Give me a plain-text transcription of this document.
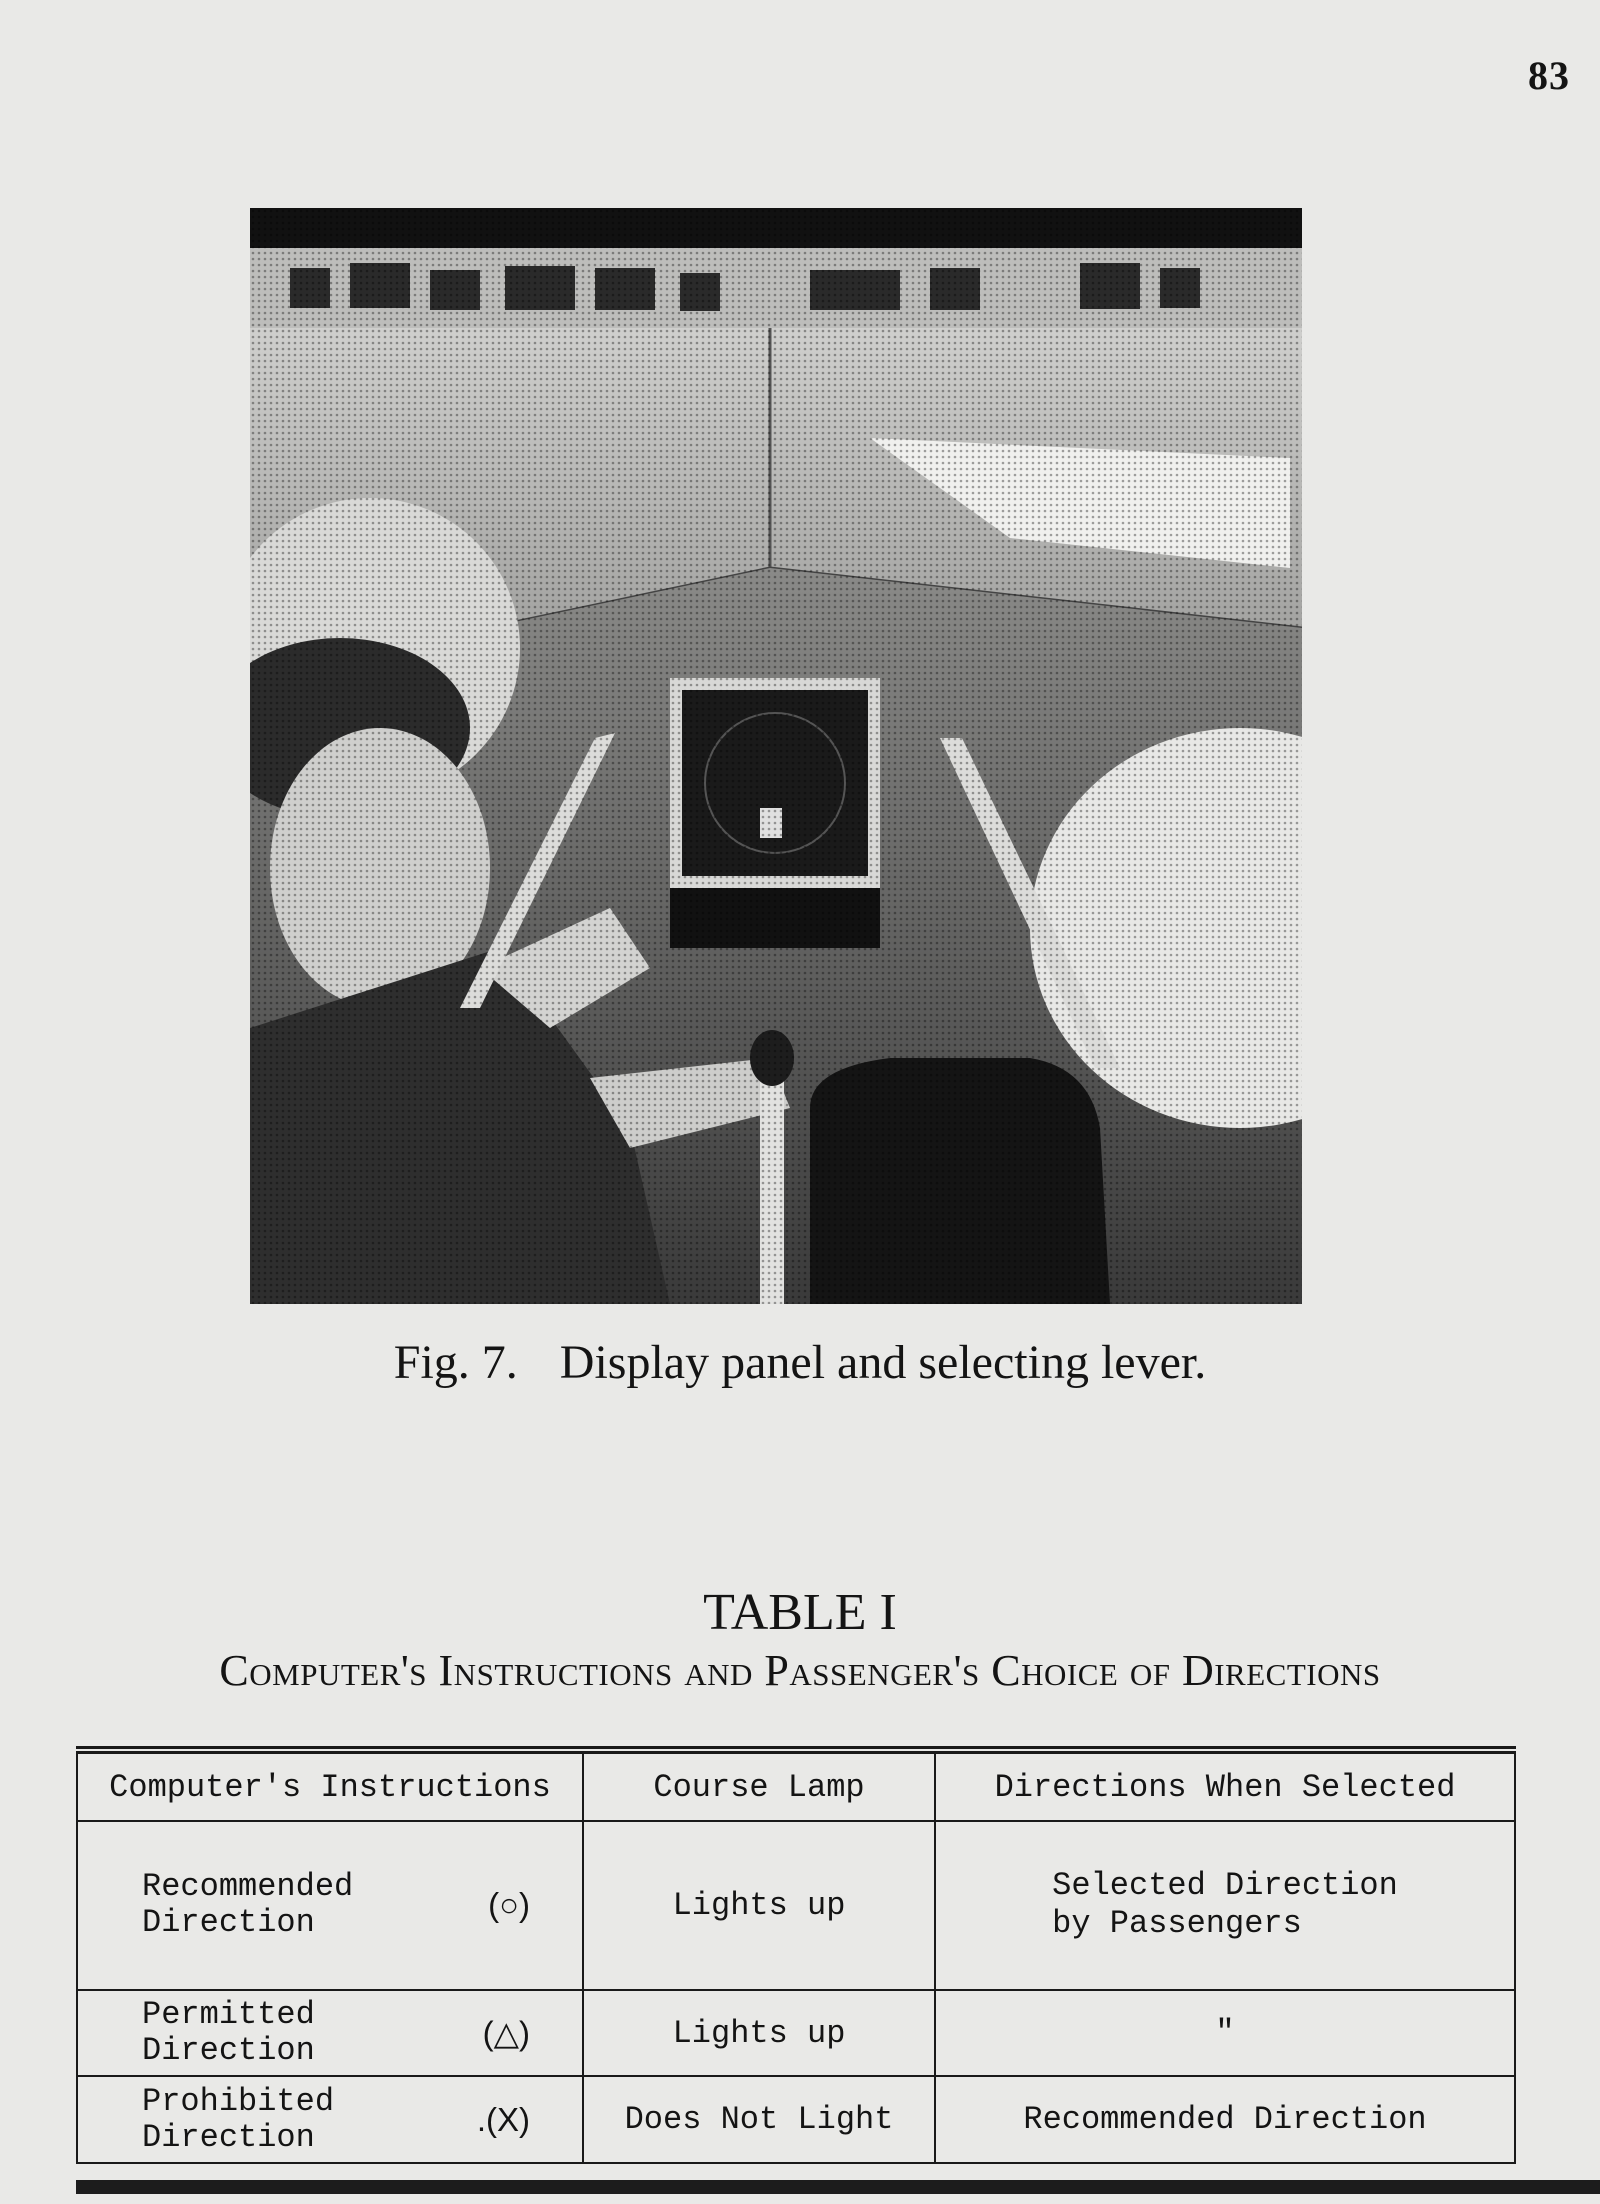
83
Fig. 7. Display panel and selecting lever.
TABLE I
Computer's Instructions and Passenger's Choice of Directions
Computer's Instructions	Course Lamp	Directions When Selected

Recommended
Direction (○)	Lights up	Selected Direction
by Passengers

Permitted
Direction (△)	Lights up	"

Prohibited
Direction .(X)	Does Not Light	Recommended Direction
